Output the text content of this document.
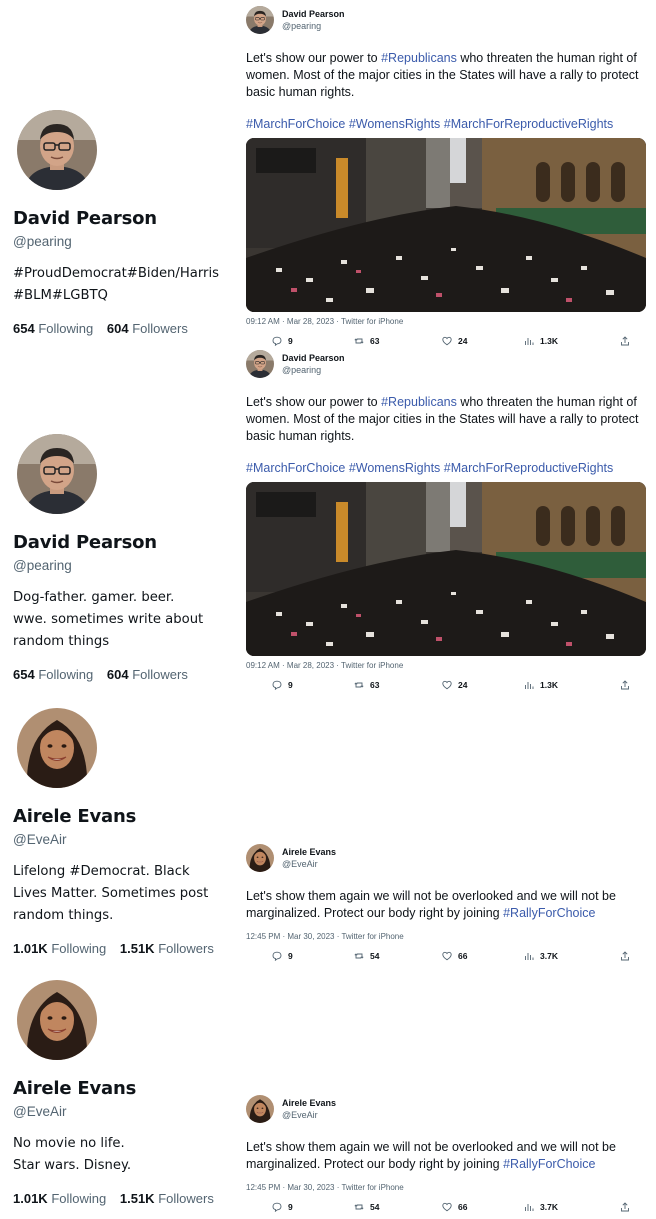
David Pearson
@pearing
#ProudDemocrat#Biden/Harris
#BLM#LGBTQ
654 Following 604 Followers
David Pearson
@pearing
Dog-father. gamer. beer.
wwe. sometimes write about
random things
654 Following 604 Followers
Airele Evans
@EveAir
Lifelong #Democrat. Black
Lives Matter. Sometimes post
random things.
1.01K Following 1.51K Followers
Airele Evans
@EveAir
No movie no life.
Star wars. Disney.
1.01K Following 1.51K Followers
David Pearson
@pearing
Let's show our power to #Republicans who threaten the human right of women. Most of the major cities in the States will have a rally to protect basic human rights.
#MarchForChoice #WomensRights #MarchForReproductiveRights
09:12 AM · Mar 28, 2023 · Twitter for iPhone
9	63	24	1.3K
David Pearson
@pearing
Let's show our power to #Republicans who threaten the human right of women. Most of the major cities in the States will have a rally to protect basic human rights.
#MarchForChoice #WomensRights #MarchForReproductiveRights
09:12 AM · Mar 28, 2023 · Twitter for iPhone
9	63	24	1.3K
Airele Evans
@EveAir
Let's show them again we will not be overlooked and we will not be marginalized. Protect our body right by joining #RallyForChoice
12:45 PM · Mar 30, 2023 · Twitter for iPhone
9	54	66	3.7K
Airele Evans
@EveAir
Let's show them again we will not be overlooked and we will not be marginalized. Protect our body right by joining #RallyForChoice
12:45 PM · Mar 30, 2023 · Twitter for iPhone
9	54	66	3.7K
